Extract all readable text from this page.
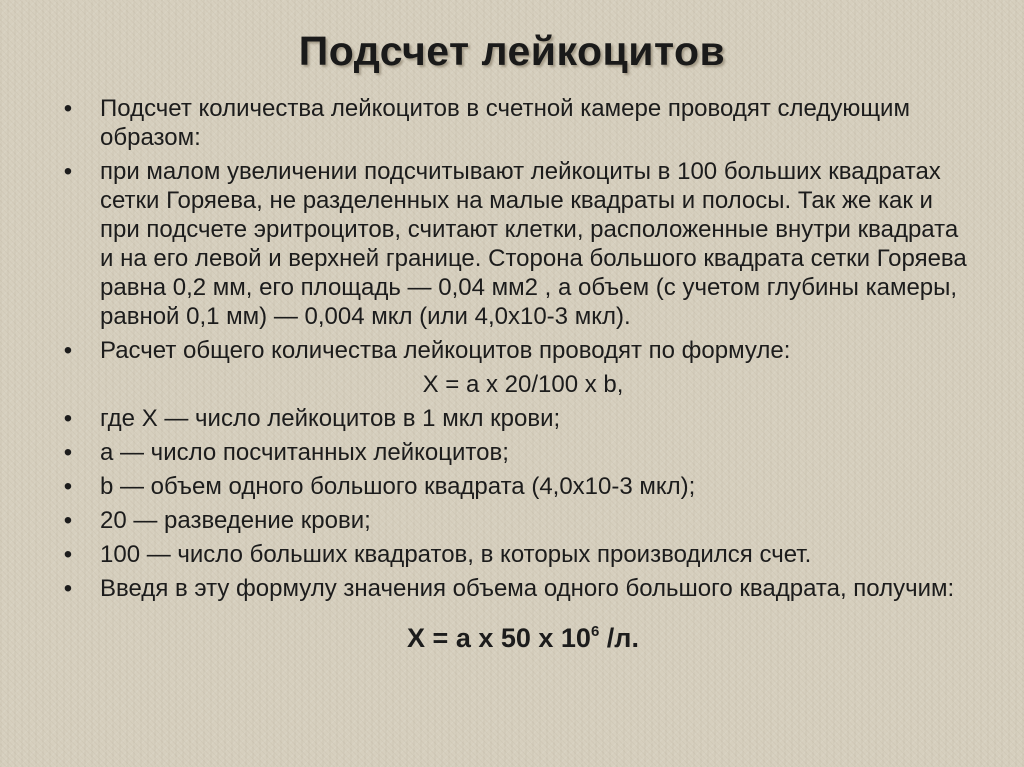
Подсчет лейкоцитов
• Подсчет количества лейкоцитов в счетной камере проводят следующим образом:
• при малом увеличении подсчитывают лейкоциты в 100 больших квадратах сетки Горяева, не разделенных на малые квадраты и полосы. Так же как и при подсчете эритроцитов, считают клетки, расположенные внутри квадрата и на его левой и верхней границе. Сторона большого квадрата сетки Горяева равна 0,2 мм, его площадь — 0,04 мм2 , а объем (с учетом глубины камеры, равной 0,1 мм) — 0,004 мкл (или 4,0х10-3 мкл).
• Расчет общего количества лейкоцитов проводят по формуле:
Х = а х 20/100 х b,
• где Х — число лейкоцитов в 1 мкл крови;
• а — число посчитанных лейкоцитов;
• b — объем одного большого квадрата (4,0х10-3 мкл);
• 20 — разведение крови;
• 100 — число больших квадратов, в которых производился счет.
• Введя в эту формулу значения объема одного большого квадрата, получим:
Х = а х 50 х $10^6$ /л.
